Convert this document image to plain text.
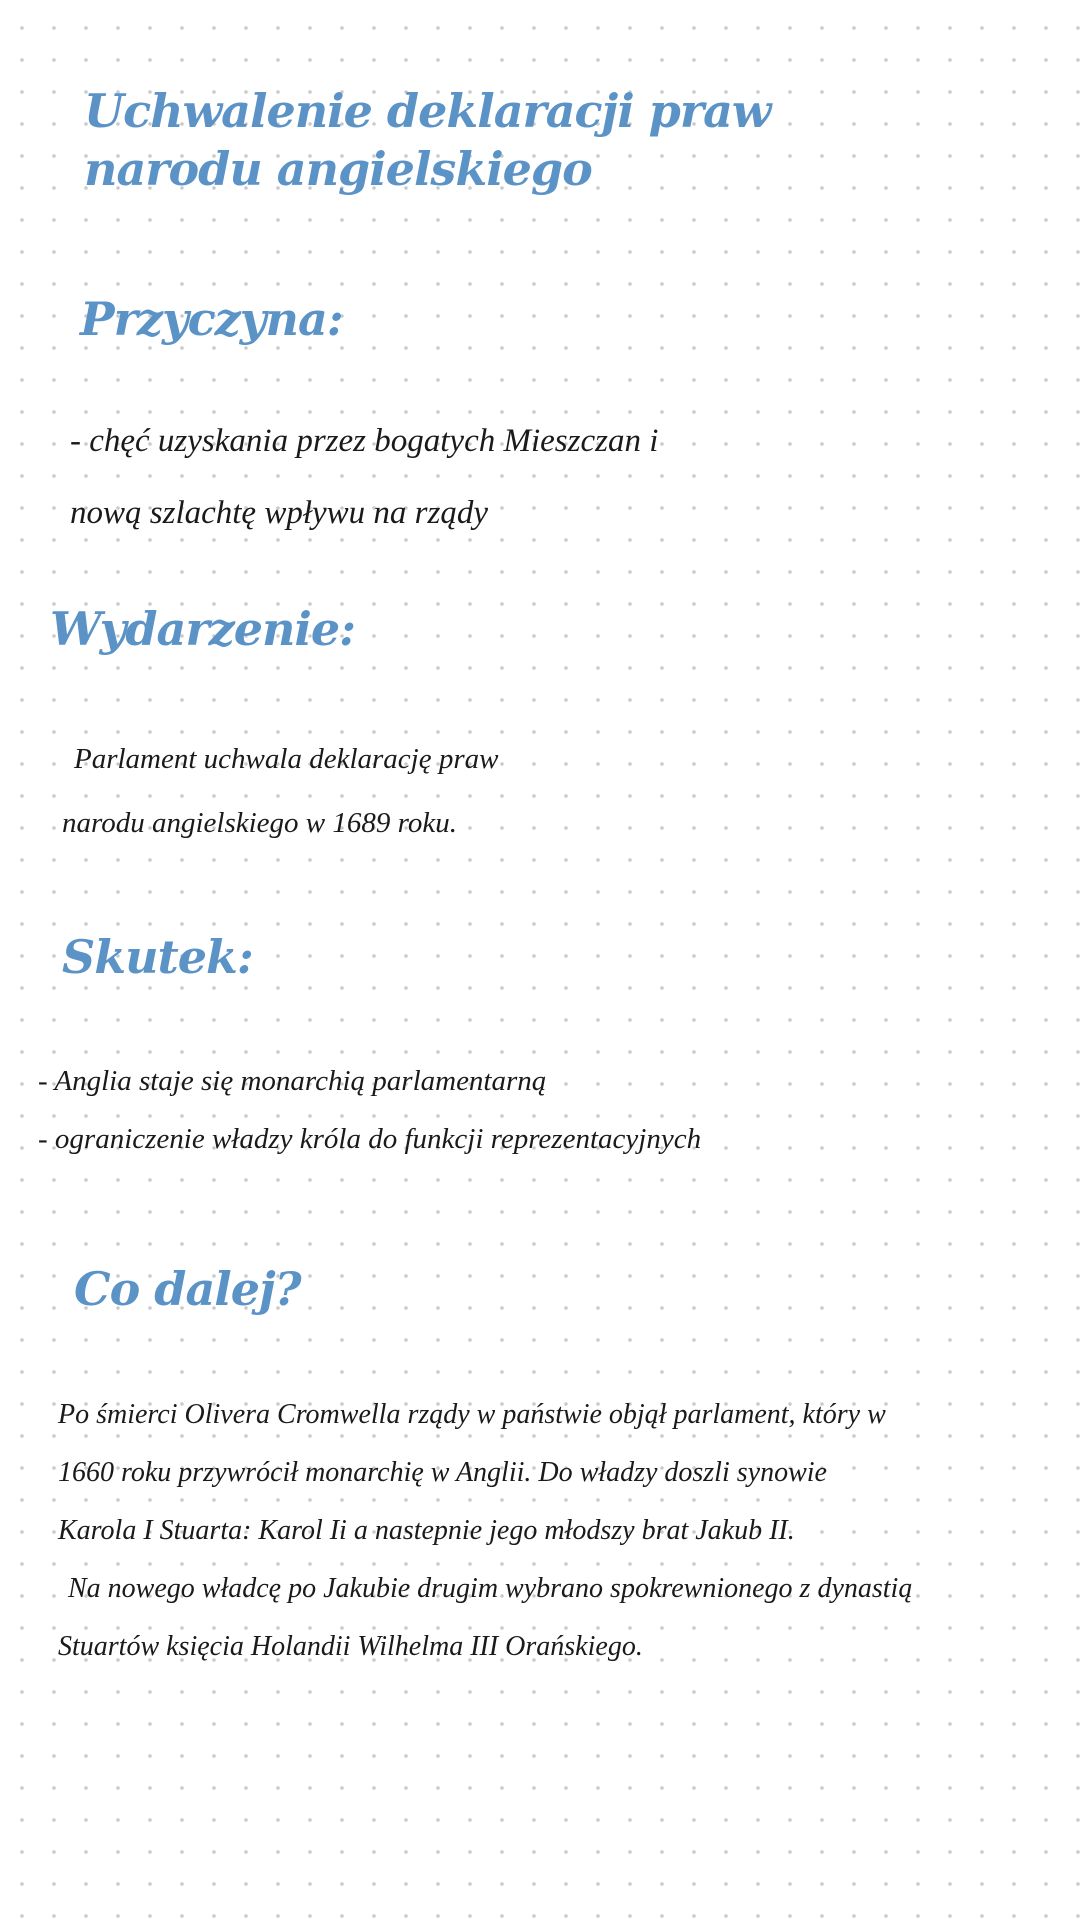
Uchwalenie deklaracji praw
narodu angielskiego
Przyczyna:
- chęć uzyskania przez bogatych Mieszczan i
nową szlachtę wpływu na rządy
Wydarzenie:
Parlament uchwala deklarację praw
narodu angielskiego w 1689 roku.
Skutek:
- Anglia staje się monarchią parlamentarną
- ograniczenie władzy króla do funkcji reprezentacyjnych
Co dalej?
Po śmierci Olivera Cromwella rządy w państwie objął parlament, który w
1660 roku przywrócił monarchię w Anglii. Do władzy doszli synowie
Karola I Stuarta: Karol Ii a nastepnie jego młodszy brat Jakub II.
Na nowego władcę po Jakubie drugim wybrano spokrewnionego z dynastią
Stuartów księcia Holandii Wilhelma III Orańskiego.
